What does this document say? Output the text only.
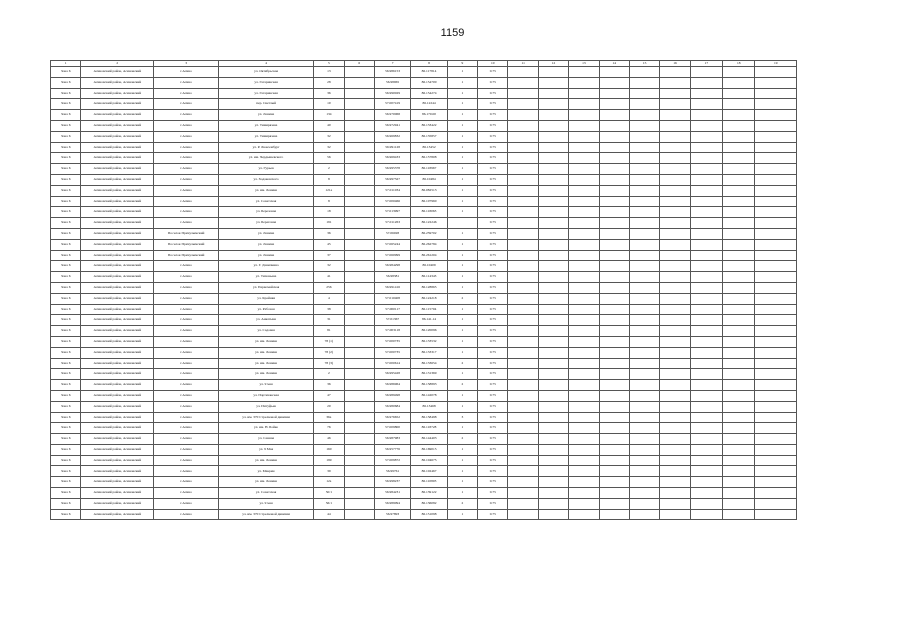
1159
1	2	3	4	5	6	7	8	9	10	11	12	13	14	15	16	17	18	19
Зона 6	Асиновский район, Асиновский	г.Асино	ул. Октябрьская	13		56.986153	86.117814	1	0.75									
Зона 6	Асиновский район, Асиновский	г.Асино	ул. Гагаринская	28		56.98965	86.154700	1	0.75									
Зона 6	Асиновский район, Асиновский	г.Асино	ул. Гагаринская	36		56.990029	86.154274	1	0.75									
Зона 6	Асиновский район, Асиновский	г.Асино	пер. Светлый	10		57.007419	86.12244	1	0.75									
Зона 6	Асиновский район, Асиновский	г.Асино	ул. Ленина	134		56.970068	86.170.00	1	0.75									
Зона 6	Асиновский район, Асиновский	г.Асино	ул. Тимирязева	40		56.972941	86.133422	1	0.75									
Зона 6	Асиновский район, Асиновский	г.Асино	ул. Тимирязева	32		56.969832	86.135857	1	0.75									
Зона 6	Асиновский район, Асиновский	г.Асино	ул. Р. Люксембург	32		56.991128	86.13452	1	0.75									
Зона 6	Асиновский район, Асиновский	г.Асино	ул. им. Чердышевского	56		56.969433	86.157808	1	0.75									
Зона 6	Асиновский район, Асиновский	г.Асино	ул. Гурьев	2		56.995378	86.118967	1	0.75									
Зона 6	Асиновский район, Асиновский	г.Асино	ул. Ходаковского	8		56.997327	86.10484	1	0.75									
Зона 6	Асиновский район, Асиновский	г.Асино	ул. им. Ленина	121а		57.011034	86.082513	1	0.75									
Зона 6	Асиновский район, Асиновский	г.Асино	ул. Советская	8		57.000466	86.107960	1	0.75									
Зона 6	Асиновский район, Асиновский	г.Асино	ул. Березовая	18		57.013997	86.118063	1	0.75									
Зона 6	Асиновский район, Асиновский	г.Асино	ул. Береговая	191		57.011263	86.122246		0.75									
Зона 6	Асиновский район, Асиновский	Поселок Причулымский	ул. Ленина	36		57.06028	86.259702	1	0.75									
Зона 6	Асиновский район, Асиновский	Поселок Причулымский	ул. Ленина	45		57.065244	86.262784	1	0.75									
Зона 6	Асиновский район, Асиновский	Поселок Причулымский	ул. Ленина	37		57.060999	86.261204	1	0.75									
Зона 6	Асиновский район, Асиновский	г.Асино	ул. Г. Данилкина	32		56.984298	86.10409	1	0.75									
Зона 6	Асиновский район, Асиновский	г.Асино	ул. Тихоньева	41		56.98381	86.114343	1	0.75									
Зона 6	Асиновский район, Асиновский	г.Асино	ул. Первомайская	256		56.991416	86.128865	1	0.75									
Зона 6	Асиновский район, Асиновский	г.Асино	ул. Крайняя	4		57.010408	86.124218	2	0.75									
Зона 6	Асиновский район, Асиновский	г.Асино	ул. Рабочая	38		57.000117	86.115704	1	0.75									
Зона 6	Асиновский район, Асиновский	г.Асино	ул. Анкатына	31		57.01367	86.141.14	1	0.75									
Зона 6	Асиновский район, Асиновский	г.Асино	ул. Садовая	81		57.003118	86.120096	1	0.75									
Зона 6	Асиновский район, Асиновский	г.Асино	ул. им. Ленина	78 (1)		57.000735	86.133532	1	0.75									
Зона 6	Асиновский район, Асиновский	г.Асино	ул. им. Ленина	78 (2)		57.000735	86.133317	1	0.75									
Зона 6	Асиновский район, Асиновский	г.Асино	ул. им. Ленина	78 (3)		57.000614	86.133654	2	0.75									
Зона 6	Асиновский район, Асиновский	г.Асино	ул. им. Ленина	2		56.995428	86.131369	1	0.75									
Зона 6	Асиновский район, Асиновский	г.Асино	ул. 9 мая	36		56.986964	86.158893	2	0.75									
Зона 6	Асиновский район, Асиновский	г.Асино	ул. Партизанская	47		56.989498	86.142078	1	0.75									
Зона 6	Асиновский район, Асиновский	г.Асино	ул. Интуфьев	20		56.980684	86.13468	1	0.75									
Зона 6	Асиновский район, Асиновский	г.Асино	ул. им. 370 Стрелковой дивизии	36а		56.976652	86.158498	3	0.75									
Зона 6	Асиновский район, Асиновский	г.Асино	ул. им. Н. Бойко	76		57.009800	86.118728	1	0.75									
Зона 6	Асиновский район, Асиновский	г.Асино	ул. Сенная	46		56.987983	86.144403	2	0.75									
Зона 6	Асиновский район, Асиновский	г.Асино	ул. 9 Мая	160		56.957776	86.169015	1	0.75									
Зона 6	Асиновский район, Асиновский	г.Асино	ул. им. Ленина	199		57.009872	86.104675	1	0.75									
Зона 6	Асиновский район, Асиновский	г.Асино	ул. Макрин	39		56.99761	86.102467	1	0.75									
Зона 6	Асиновский район, Асиновский	г.Асино	ул. им. Ленина	12а		56.998237	86.110803	1	0.75									
Зона 6	Асиновский район, Асиновский	г.Асино	ул. Советская	50/1		56.984231	86.139122	1	0.75									
Зона 6	Асиновский район, Асиновский	г.Асино	ул. 9 мая	56/1		56.989094	86.136082	2	0.75									
Зона 6	Асиновский район, Асиновский	г.Асино	ул. им. 370 Стрелковой дивизии	44		56.97893	86.151098	1	0.75									
